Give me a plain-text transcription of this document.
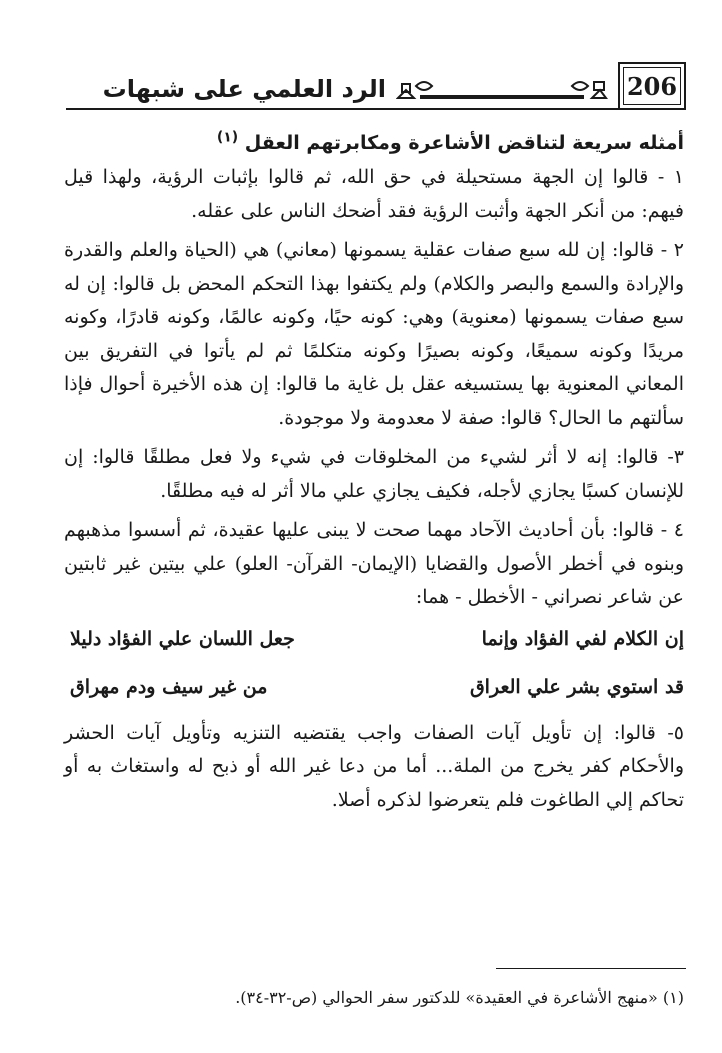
الرد العلمي على شبهات	206

أمثله سريعة لتناقض الأشاعرة ومكابرتهم العقل $^{(١)}$

١ - قالوا إن الجهة مستحيلة في حق الله، ثم قالوا بإثبات الرؤية، ولهذا قيل فيهم: من أنكر الجهة وأثبت الرؤية فقد أضحك الناس على عقله.

٢ - قالوا: إن لله سبع صفات عقلية يسمونها (معاني) هي (الحياة والعلم والقدرة والإرادة والسمع والبصر والكلام) ولم يكتفوا بهذا التحكم المحض بل قالوا: إن له سبع صفات يسمونها (معنوية) وهي: كونه حيًا، وكونه عالمًا، وكونه قادرًا، وكونه مريدًا وكونه سميعًا، وكونه بصيرًا وكونه متكلمًا ثم لم يأتوا في التفريق بين المعاني المعنوية بها يستسيغه عقل بل غاية ما قالوا: إن هذه الأخيرة أحوال فإذا سألتهم ما الحال؟ قالوا: صفة لا معدومة ولا موجودة.

٣- قالوا: إنه لا أثر لشيء من المخلوقات في شيء ولا فعل مطلقًا قالوا: إن للإنسان كسبًا يجازي لأجله، فكيف يجازي علي مالا أثر له فيه مطلقًا.

٤ - قالوا: بأن أحاديث الآحاد مهما صحت لا يبنى عليها عقيدة، ثم أسسوا مذهبهم وبنوه في أخطر الأصول والقضايا (الإيمان- القرآن- العلو) علي بيتين غير ثابتين عن شاعر نصراني - الأخطل - هما:

إن الكلام لفي الفؤاد وإنما
جعل اللسان علي الفؤاد دليلا
قد استوي بشر علي العراق
من غير سيف ودم مهراق

٥- قالوا: إن تأويل آيات الصفات واجب يقتضيه التنزيه وتأويل آيات الحشر والأحكام كفر يخرج من الملة... أما من دعا غير الله أو ذبح له واستغاث به أو تحاكم إلي الطاغوت فلم يتعرضوا لذكره أصلا.

(١) «منهج الأشاعرة في العقيدة» للدكتور سفر الحوالي (ص-٣٢-٣٤).
